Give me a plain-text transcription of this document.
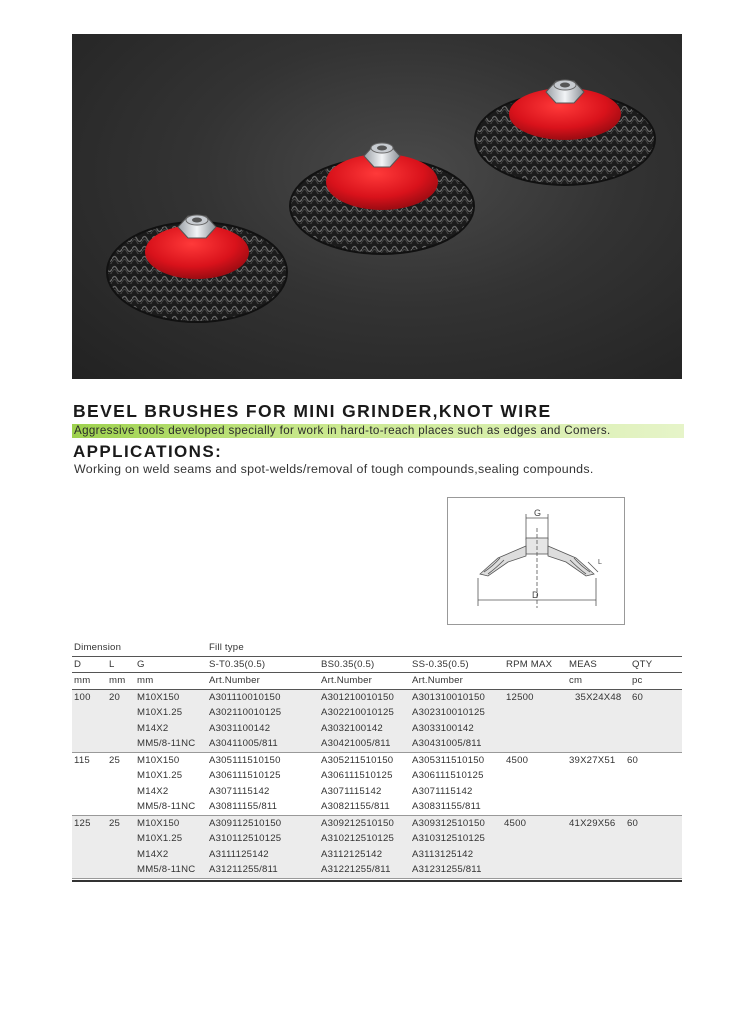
BEVEL BRUSHES FOR MINI GRINDER,KNOT WIRE
Aggressive tools developed specially for work in hard-to-reach places such as edges and Comers.
APPLICATIONS:
Working on weld seams and spot-welds/removal of tough compounds,sealing compounds.
G
D
L
Dimension	Fill type
D	L G	S-T0.35(0.5)	BS0.35(0.5)	SS-0.35(0.5)	RPM MAX MEAS	QTY
mm mm mm	Art.Number	Art.Number	Art.Number	cm	pc
100 20 M10X150	A301110010150	A301210010150 A301310010150 12500	35X24X48 60
M10X1.25	A302110010125	A302210010125 A302310010125
M14X2	A3031100142	A3032100142	A3033100142
MM5/8-11NC A30411005/811	A30421005/811 A30431005/811
115 25 M10X150	A305111510150	A305211510150 A305311510150 4500	39X27X51 60
M10X1.25	A306111510125	A306111510125 A306111510125
M14X2	A3071115142	A3071115142	A3071115142
MM5/8-11NC A30811155/811	A30821155/811 A30831155/811
125 25 M10X150	A309112510150	A309212510150 A309312510150 4500	41X29X56 60
M10X1.25	A310112510125	A310212510125 A310312510125
M14X2	A3111125142	A3112125142	A3113125142
MM5/8-11NC A31211255/811	A31221255/811 A31231255/811
